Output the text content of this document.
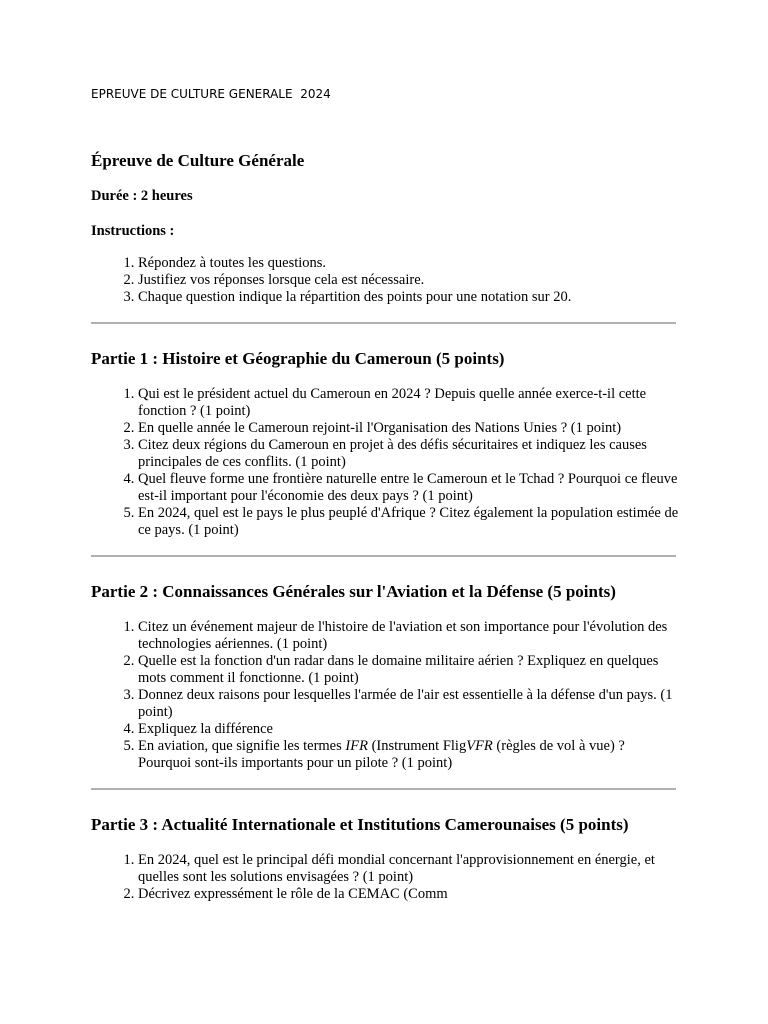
EPREUVE DE CULTURE GENERALE  2024
Épreuve de Culture Générale

Durée : 2 heures

Instructions :

1. Répondez à toutes les questions.
2. Justifiez vos réponses lorsque cela est nécessaire.
3. Chaque question indique la répartition des points pour une notation sur 20.
Partie 1 : Histoire et Géographie du Cameroun (5 points)
1. Qui est le président actuel du Cameroun en 2024 ? Depuis quelle année exerce-t-il cette fonction ? (1 point)
2. En quelle année le Cameroun rejoint-il l'Organisation des Nations Unies ? (1 point)
3. Citez deux régions du Cameroun en projet à des défis sécuritaires et indiquez les causes principales de ces conflits. (1 point)
4. Quel fleuve forme une frontière naturelle entre le Cameroun et le Tchad ? Pourquoi ce fleuve est-il important pour l'économie des deux pays ? (1 point)
5. En 2024, quel est le pays le plus peuplé d'Afrique ? Citez également la population estimée de ce pays. (1 point)
Partie 2 : Connaissances Générales sur l'Aviation et la Défense (5 points)
1. Citez un événement majeur de l'histoire de l'aviation et son importance pour l'évolution des technologies aériennes. (1 point)
2. Quelle est la fonction d'un radar dans le domaine militaire aérien ? Expliquez en quelques mots comment il fonctionne. (1 point)
3. Donnez deux raisons pour lesquelles l'armée de l'air est essentielle à la défense d'un pays. (1 point)
4. Expliquez la différence
5. En aviation, que signifie les termes IFR (Instrument FligVFR (règles de vol à vue) ? Pourquoi sont-ils importants pour un pilote ? (1 point)
Partie 3 : Actualité Internationale et Institutions Camerounaises (5 points)
1. En 2024, quel est le principal défi mondial concernant l'approvisionnement en énergie, et quelles sont les solutions envisagées ? (1 point)
2. Décrivez expressément le rôle de la CEMAC (Comm
